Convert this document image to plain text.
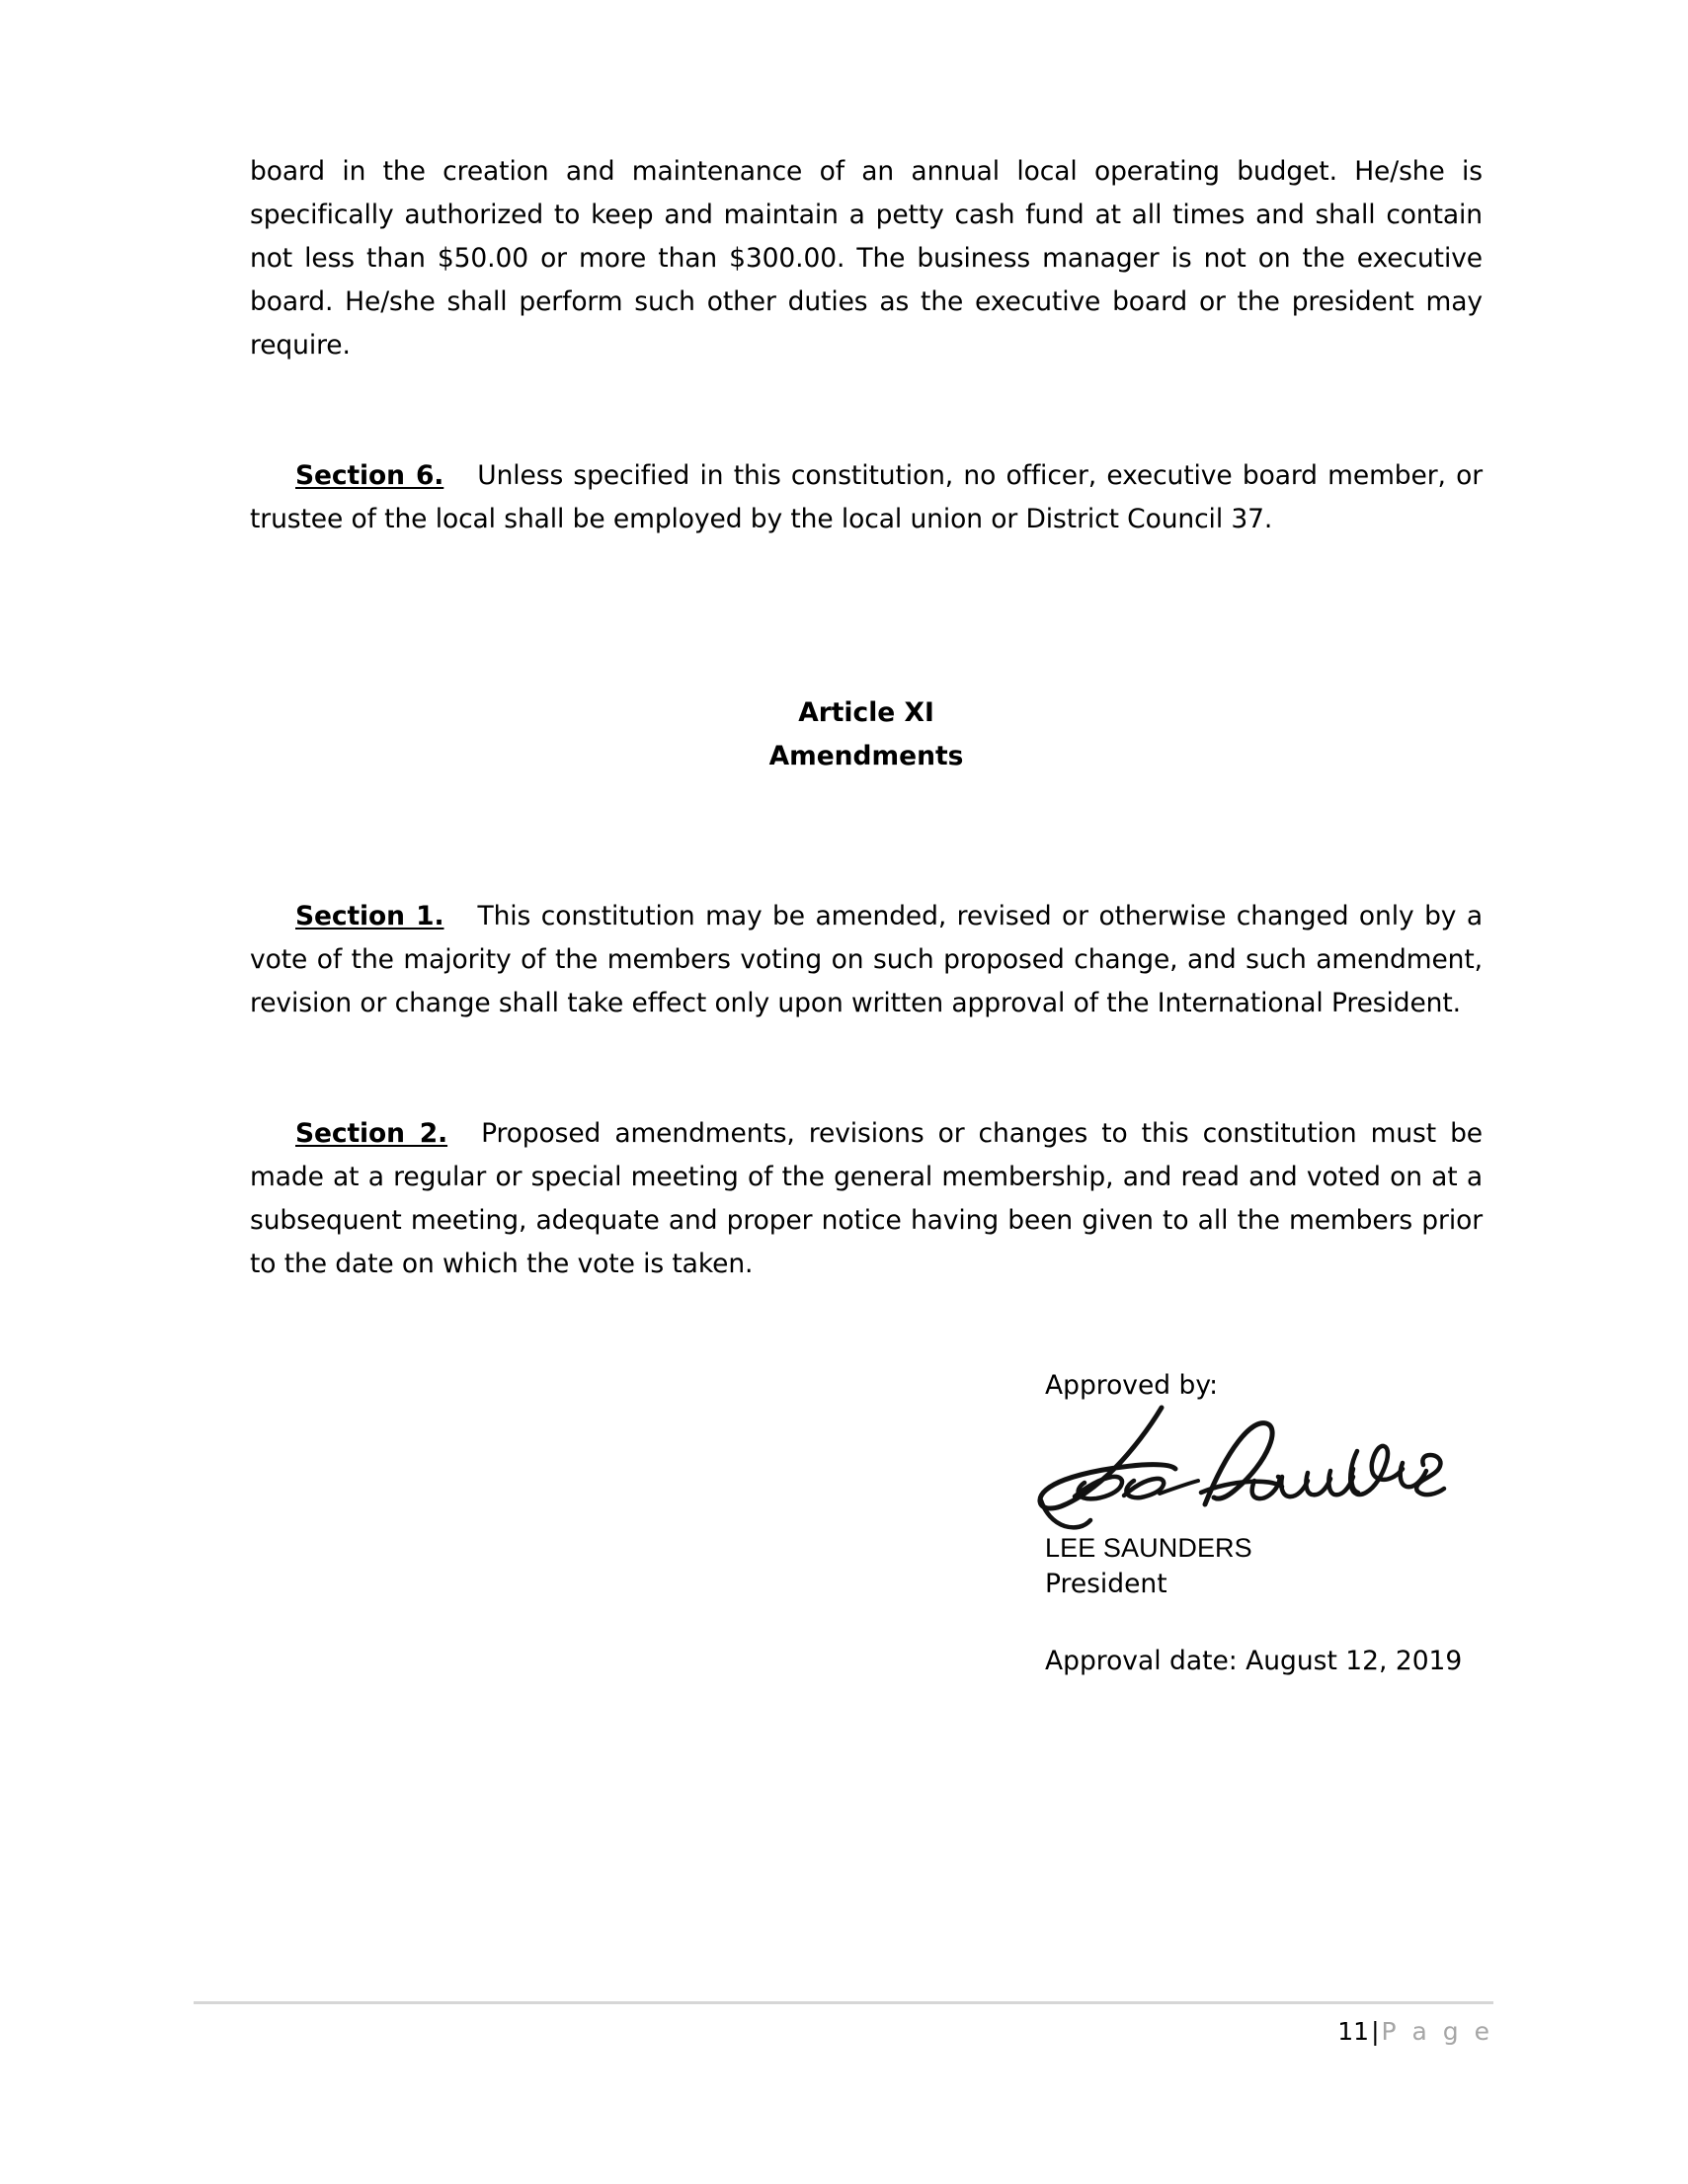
board in the creation and maintenance of an annual local operating budget. He/she is specifically authorized to keep and maintain a petty cash fund at all times and shall contain not less than $50.00 or more than $300.00. The business manager is not on the executive board. He/she shall perform such other duties as the executive board or the president may require.

Section 6. Unless specified in this constitution, no officer, executive board member, or trustee of the local shall be employed by the local union or District Council 37.

Article XI
Amendments

Section 1. This constitution may be amended, revised or otherwise changed only by a vote of the majority of the members voting on such proposed change, and such amendment, revision or change shall take effect only upon written approval of the International President.

Section 2. Proposed amendments, revisions or changes to this constitution must be made at a regular or special meeting of the general membership, and read and voted on at a subsequent meeting, adequate and proper notice having been given to all the members prior to the date on which the vote is taken.

Approved by:

LEE SAUNDERS

President

Approval date: August 12, 2019

11|P a g e
